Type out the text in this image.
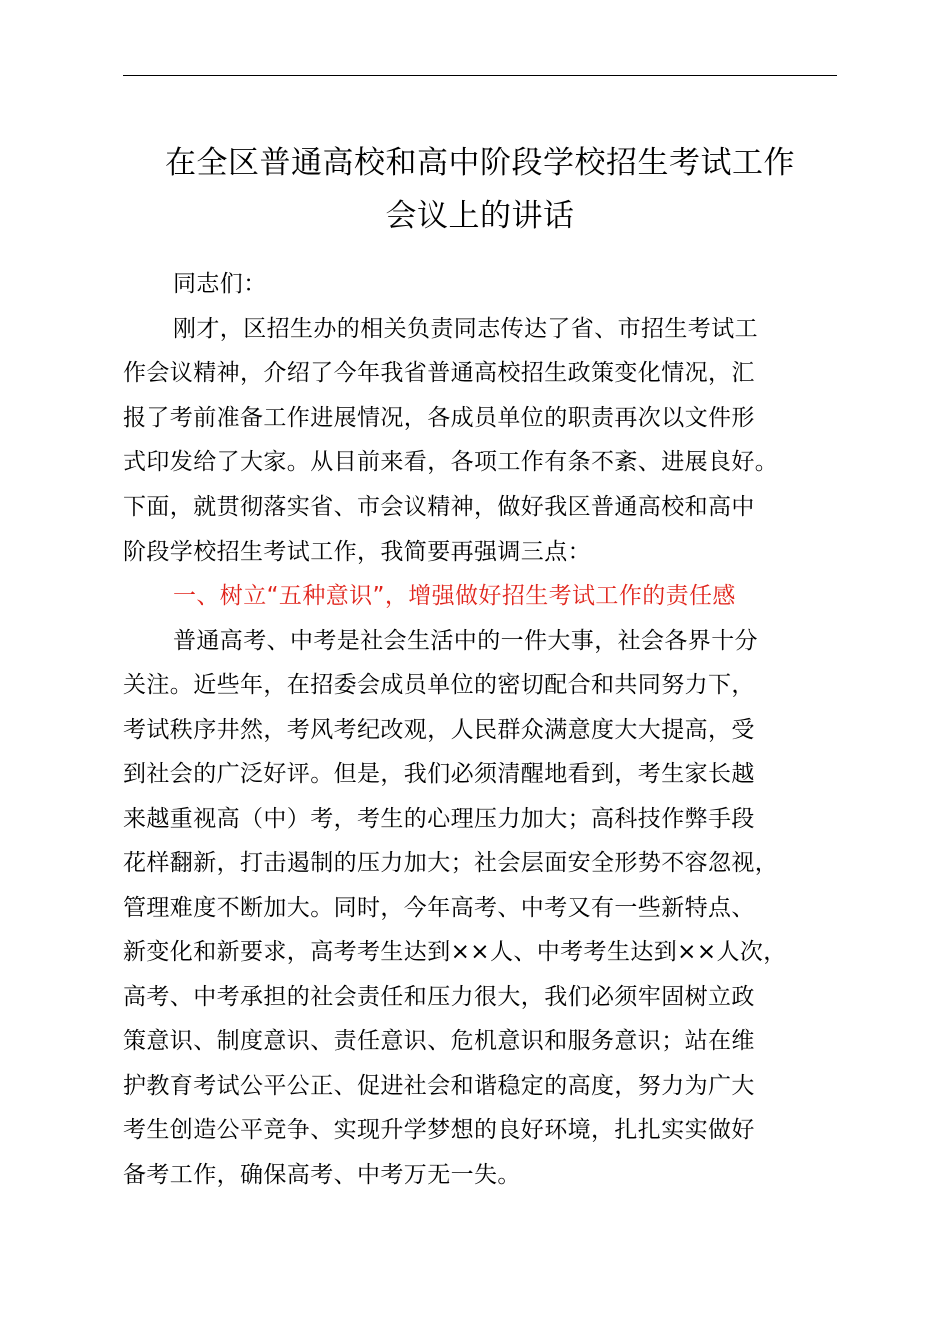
在全区普通高校和高中阶段学校招生考试工作
会议上的讲话
同志们：
刚才，区招生办的相关负责同志传达了省、市招生考试工
作会议精神，介绍了今年我省普通高校招生政策变化情况，汇
报了考前准备工作进展情况，各成员单位的职责再次以文件形
式印发给了大家。从目前来看，各项工作有条不紊、进展良好。
下面，就贯彻落实省、市会议精神，做好我区普通高校和高中
阶段学校招生考试工作，我简要再强调三点：
一、树立“五种意识”，增强做好招生考试工作的责任感
普通高考、中考是社会生活中的一件大事，社会各界十分
关注。近些年，在招委会成员单位的密切配合和共同努力下，
考试秩序井然，考风考纪改观，人民群众满意度大大提高，受
到社会的广泛好评。但是，我们必须清醒地看到，考生家长越
来越重视高（中）考，考生的心理压力加大；高科技作弊手段
花样翻新，打击遏制的压力加大；社会层面安全形势不容忽视，
管理难度不断加大。同时，今年高考、中考又有一些新特点、
新变化和新要求，高考考生达到××人、中考考生达到××人次，
高考、中考承担的社会责任和压力很大，我们必须牢固树立政
策意识、制度意识、责任意识、危机意识和服务意识；站在维
护教育考试公平公正、促进社会和谐稳定的高度，努力为广大
考生创造公平竞争、实现升学梦想的良好环境，扎扎实实做好
备考工作，确保高考、中考万无一失。
